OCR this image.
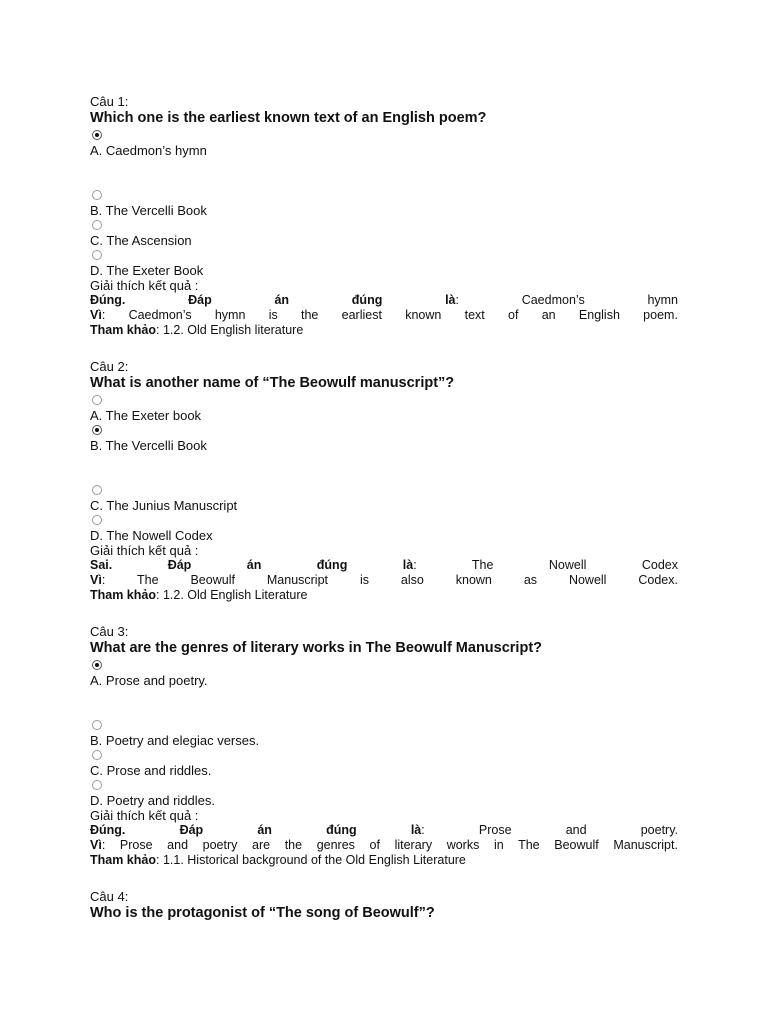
Câu 1:
Which one is the earliest known text of an English poem?
A. Caedmon’s hymn
B. The Vercelli Book
C. The Ascension
D. The Exeter Book
Giải thích kết quả :
Đúng.	Đáp	án	đúng	là:	Caedmon’s	hymn
Vì: Caedmon’s hymn is the earliest known text of an English poem.
Tham khảo: 1.2. Old English literature
Câu 2:
What is another name of “The Beowulf manuscript”?
A. The Exeter book
B. The Vercelli Book
C. The Junius Manuscript
D. The Nowell Codex
Giải thích kết quả :
Sai.	Đáp	án	đúng	là:	The	Nowell	Codex
Vì:	The	Beowulf	Manuscript	is	also	known	as	Nowell	Codex.
Tham khảo: 1.2. Old English Literature
Câu 3:
What are the genres of literary works in The Beowulf Manuscript?
A. Prose and poetry.
B. Poetry and elegiac verses.
C. Prose and riddles.
D. Poetry and riddles.
Giải thích kết quả :
Đúng.	Đáp	án	đúng	là:	Prose	and	poetry.
Vì: Prose and poetry are the genres of literary works in The Beowulf Manuscript.
Tham khảo: 1.1. Historical background of the Old English Literature
Câu 4:
Who is the protagonist of “The song of Beowulf”?
